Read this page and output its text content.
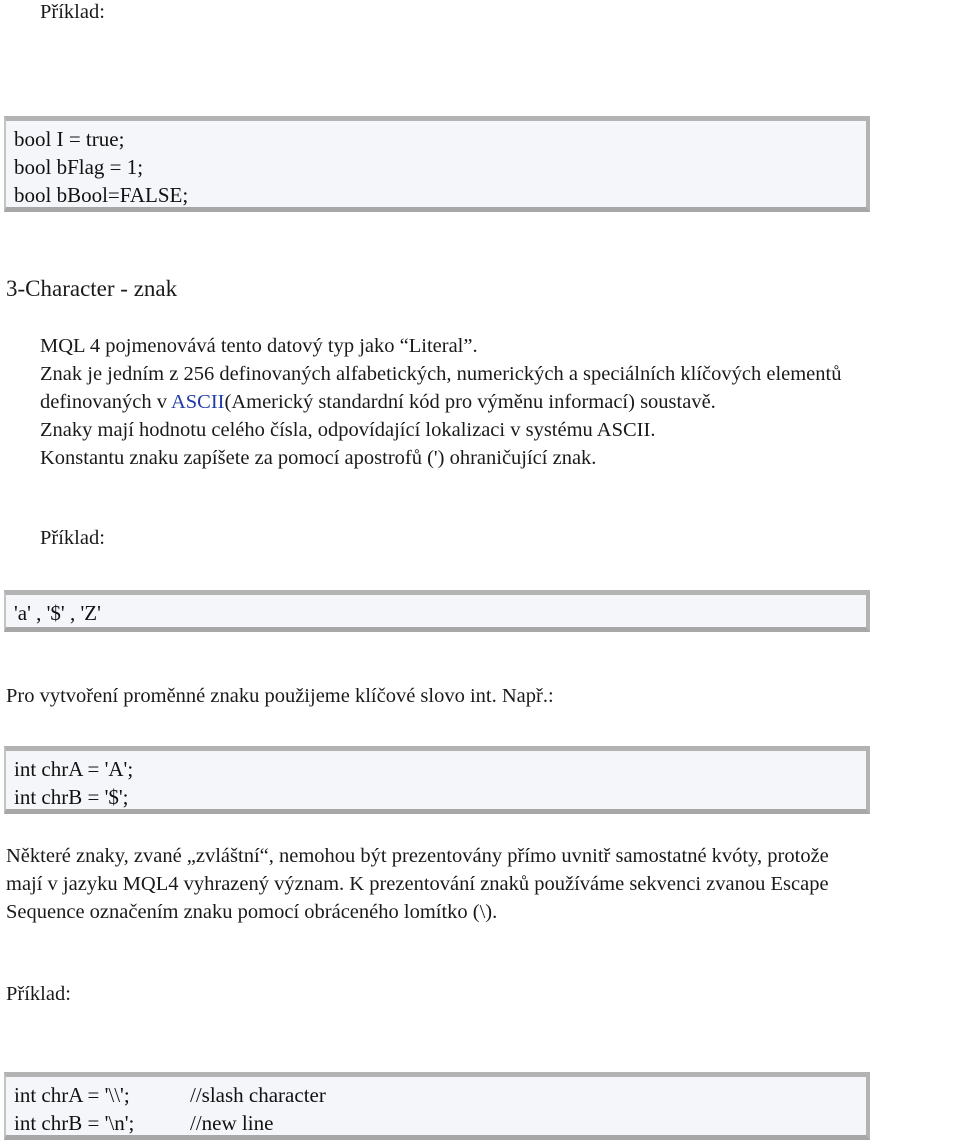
Příklad:
bool I = true;
bool bFlag = 1;
bool bBool=FALSE;
3-Character - znak
MQL 4 pojmenovává tento datový typ jako “Literal”.
Znak je jedním z 256 definovaných alfabetických, numerických a speciálních klíčových elementů
definovaných v ASCII(Americký standardní kód pro výměnu informací) soustavě.
Znaky mají hodnotu celého čísla, odpovídající lokalizaci v systému ASCII.
Konstantu znaku zapíšete za pomocí apostrofů (') ohraničující znak.
Příklad:
'a' , '$' , 'Z'
Pro vytvoření proměnné znaku použijeme klíčové slovo int. Např.:
int chrA = 'A';
int chrB = '$';
Některé znaky, zvané „zvláštní“, nemohou být prezentovány přímo uvnitř samostatné kvóty, protože
mají v jazyku MQL4 vyhrazený význam. K prezentování znaků používáme sekvenci zvanou Escape
Sequence označením znaku pomocí obráceného lomítko (\).
Příklad:
int chrA = '\\';	//slash character
int chrB = '\n';	//new line
